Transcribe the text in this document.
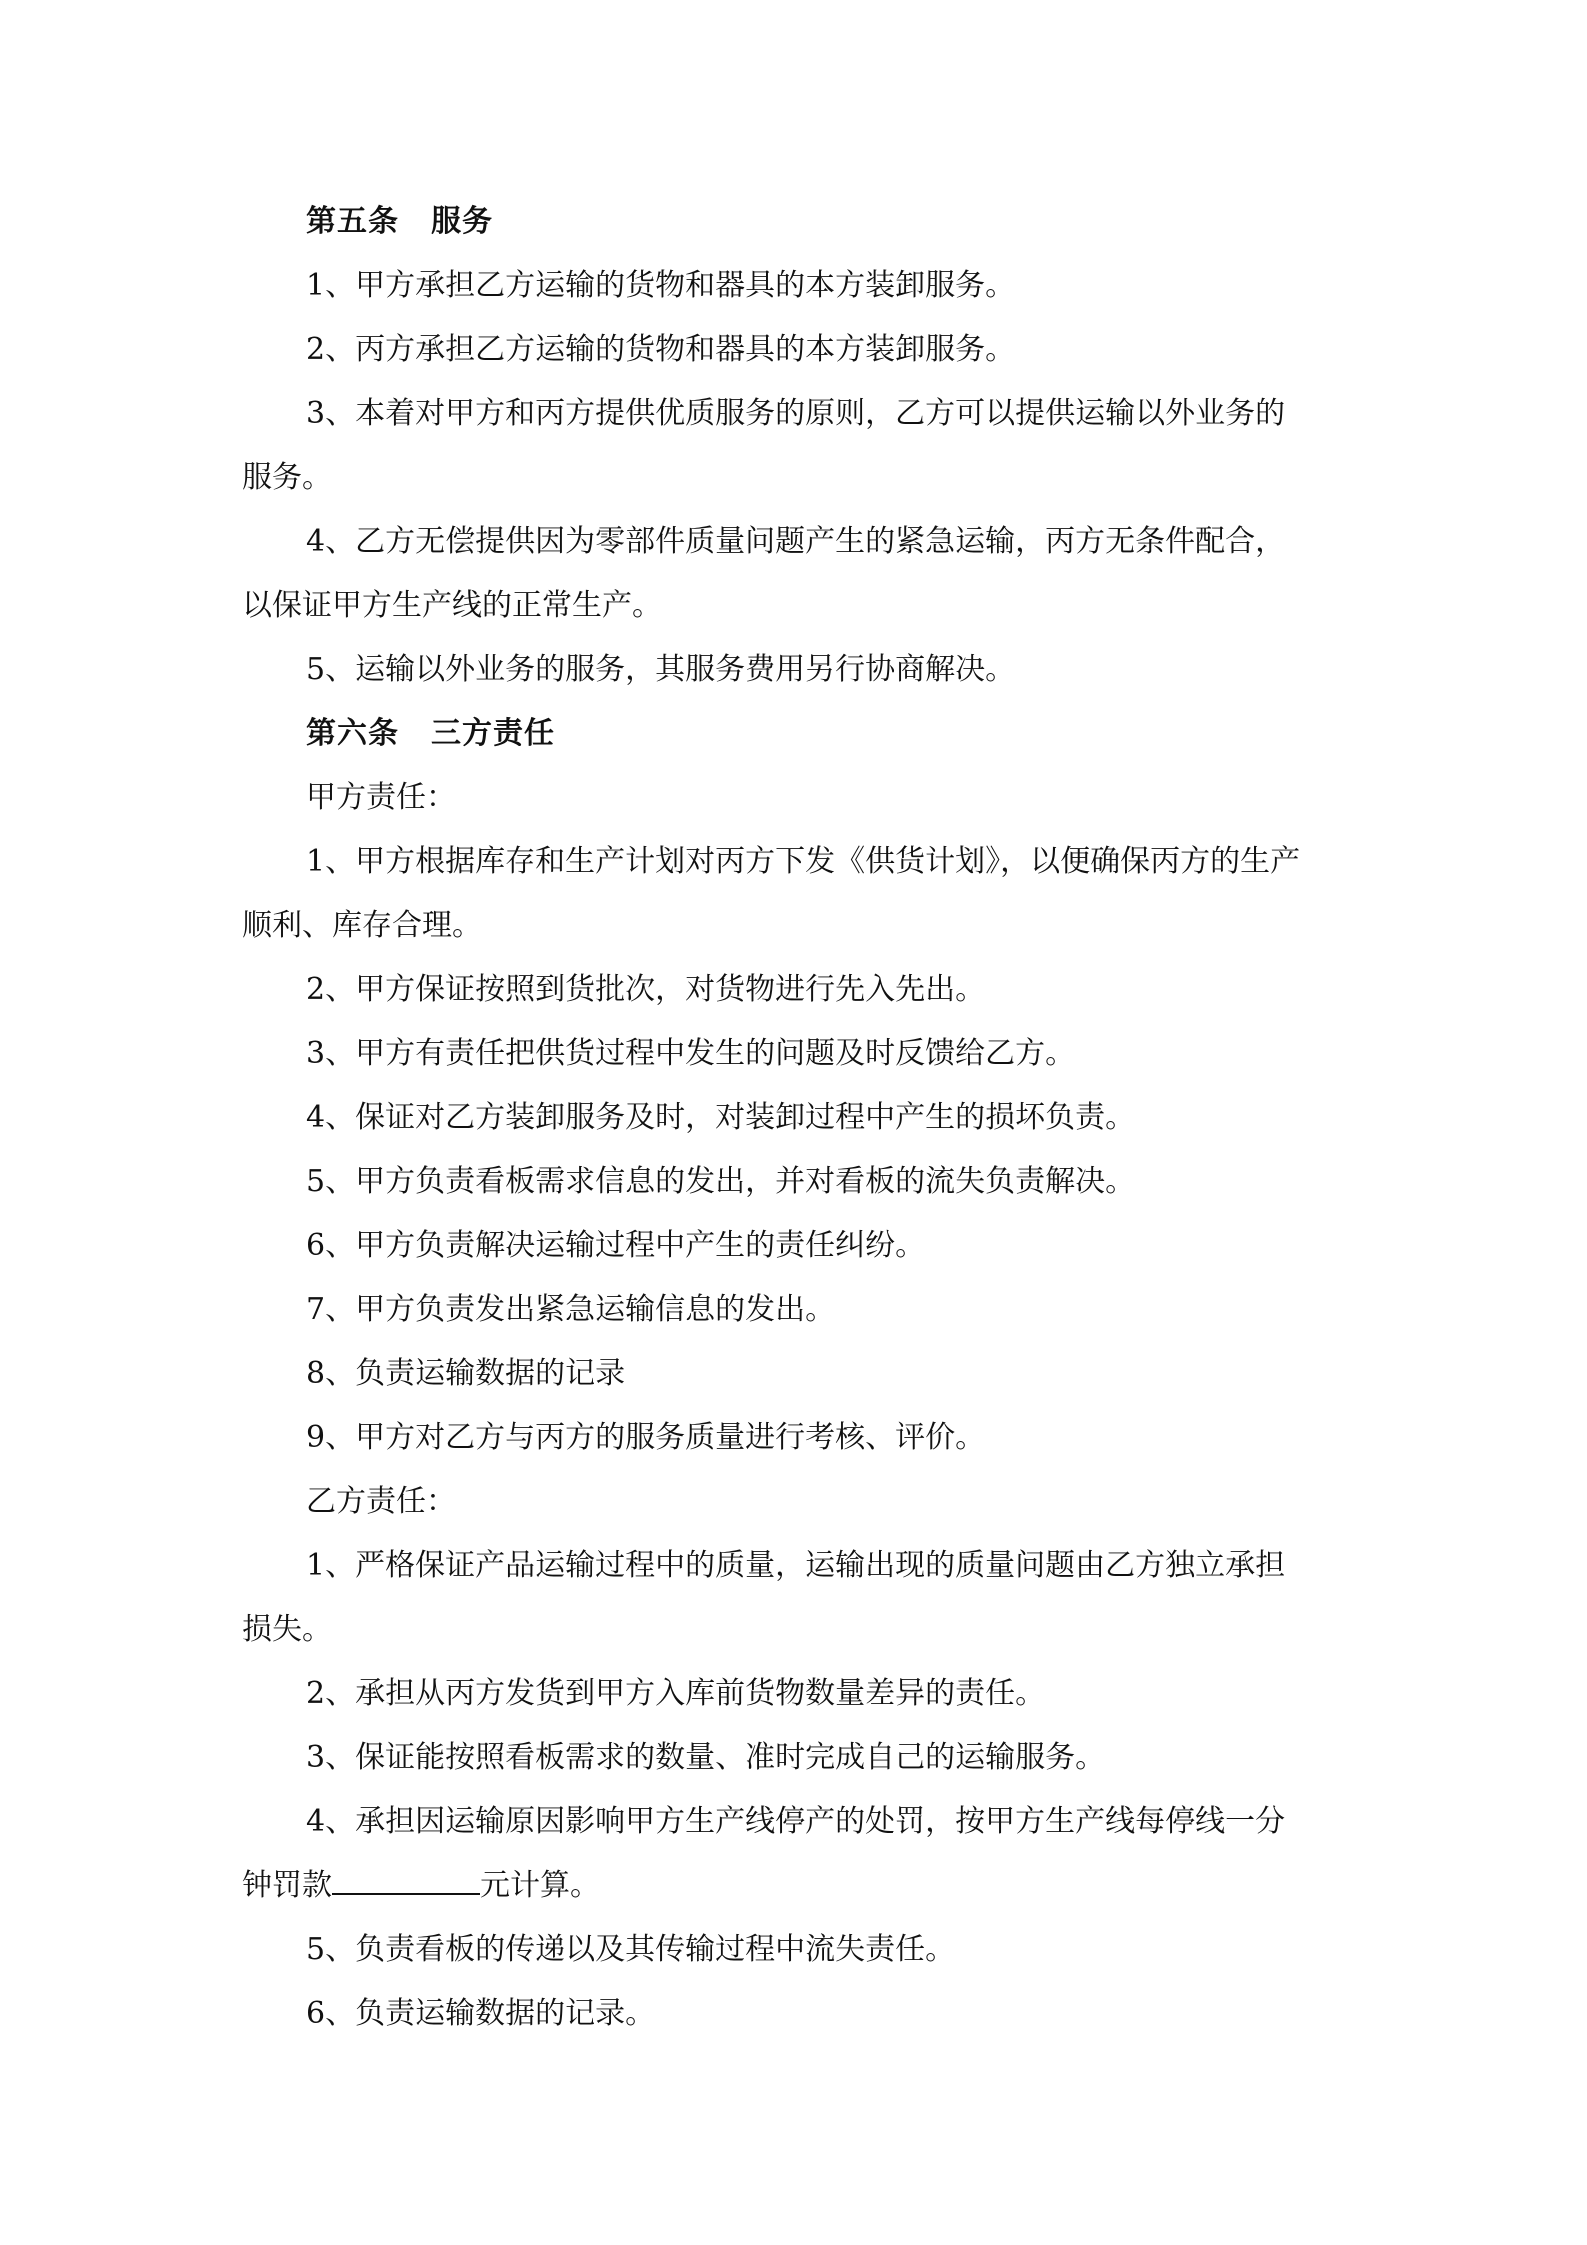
第五条 服务

1、甲方承担乙方运输的货物和器具的本方装卸服务。

2、丙方承担乙方运输的货物和器具的本方装卸服务。

3、本着对甲方和丙方提供优质服务的原则，乙方可以提供运输以外业务的

服务。

4、乙方无偿提供因为零部件质量问题产生的紧急运输，丙方无条件配合，

以保证甲方生产线的正常生产。

5、运输以外业务的服务，其服务费用另行协商解决。

第六条 三方责任

甲方责任：

1、甲方根据库存和生产计划对丙方下发《供货计划》，以便确保丙方的生产

顺利、库存合理。

2、甲方保证按照到货批次，对货物进行先入先出。

3、甲方有责任把供货过程中发生的问题及时反馈给乙方。

4、保证对乙方装卸服务及时，对装卸过程中产生的损坏负责。

5、甲方负责看板需求信息的发出，并对看板的流失负责解决。

6、甲方负责解决运输过程中产生的责任纠纷。

7、甲方负责发出紧急运输信息的发出。

8、负责运输数据的记录

9、甲方对乙方与丙方的服务质量进行考核、评价。

乙方责任：

1、严格保证产品运输过程中的质量，运输出现的质量问题由乙方独立承担

损失。

2、承担从丙方发货到甲方入库前货物数量差异的责任。

3、保证能按照看板需求的数量、准时完成自己的运输服务。

4、承担因运输原因影响甲方生产线停产的处罚，按甲方生产线每停线一分

钟罚款	元计算。

5、负责看板的传递以及其传输过程中流失责任。

6、负责运输数据的记录。
